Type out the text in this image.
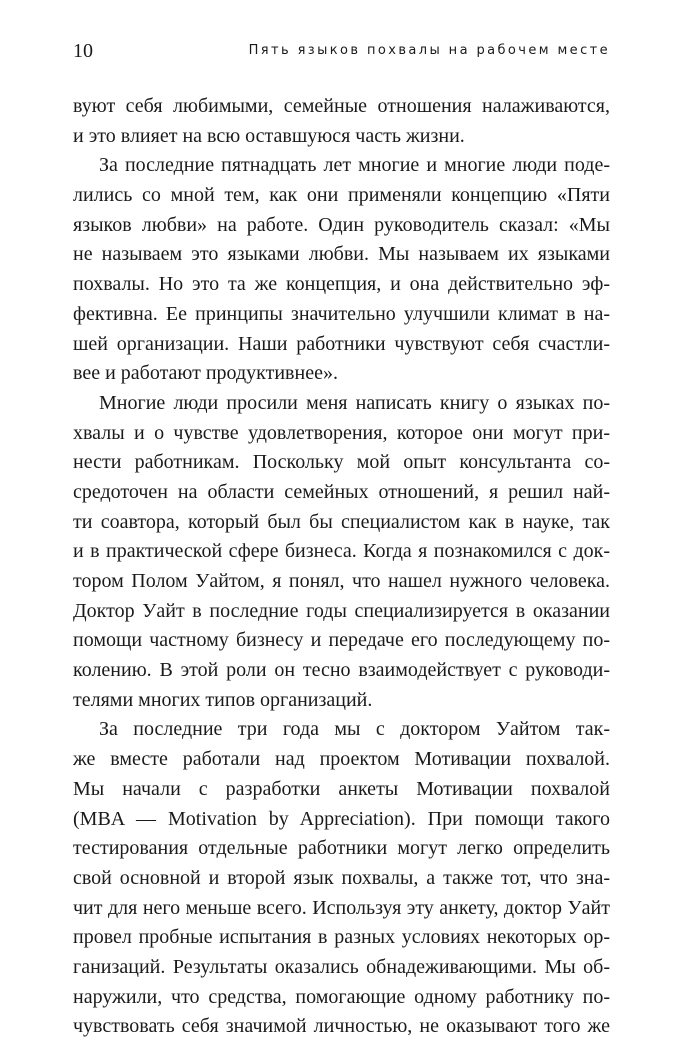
10	Пять языков похвалы на рабочем месте
вуют себя любимыми, семейные отношения налаживаются,
и это влияет на всю оставшуюся часть жизни.
За последние пятнадцать лет многие и многие люди поде-
лились со мной тем, как они применяли концепцию «Пяти
языков любви» на работе. Один руководитель сказал: «Мы
не называем это языками любви. Мы называем их языками
похвалы. Но это та же концепция, и она действительно эф-
фективна. Ее принципы значительно улучшили климат в на-
шей организации. Наши работники чувствуют себя счастли-
вее и работают продуктивнее».
Многие люди просили меня написать книгу о языках по-
хвалы и о чувстве удовлетворения, которое они могут при-
нести работникам. Поскольку мой опыт консультанта со-
средоточен на области семейных отношений, я решил най-
ти соавтора, который был бы специалистом как в науке, так
и в практической сфере бизнеса. Когда я познакомился с док-
тором Полом Уайтом, я понял, что нашел нужного человека.
Доктор Уайт в последние годы специализируется в оказании
помощи частному бизнесу и передаче его последующему по-
колению. В этой роли он тесно взаимодействует с руководи-
телями многих типов организаций.
За последние три года мы с доктором Уайтом так-
же вместе работали над проектом Мотивации похвалой.
Мы начали с разработки анкеты Мотивации похвалой
(MBA — Motivation by Appreciation). При помощи такого
тестирования отдельные работники могут легко определить
свой основной и второй язык похвалы, а также тот, что зна-
чит для него меньше всего. Используя эту анкету, доктор Уайт
провел пробные испытания в разных условиях некоторых ор-
ганизаций. Результаты оказались обнадеживающими. Мы об-
наружили, что средства, помогающие одному работнику по-
чувствовать себя значимой личностью, не оказывают того же
